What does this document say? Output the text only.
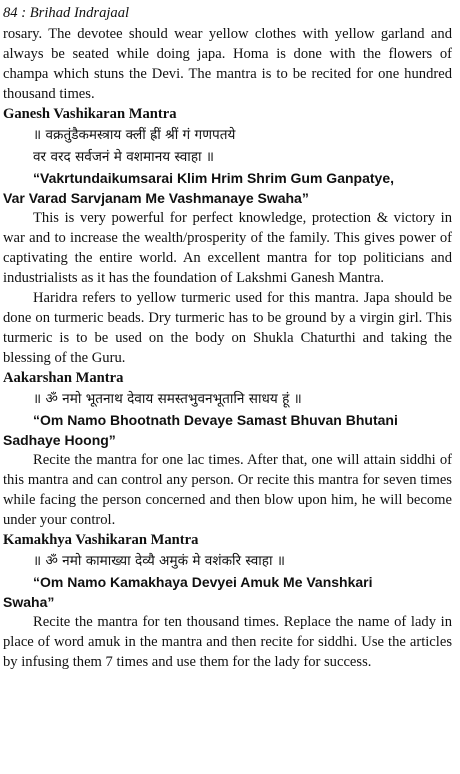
84 : Brihad Indrajaal

rosary. The devotee should wear yellow clothes with yellow garland and always be seated while doing japa. Homa is done with the flowers of champa which stuns the Devi. The mantra is to be recited for one hundred thousand times.

Ganesh Vashikaran Mantra
॥ वक्रतुंडैकमस्त्राय क्लीं ह्रीं श्रीं गं गणपतये
वर वरद सर्वजनं मे वशमानय स्वाहा ॥
“Vakrtundaikumsarai Klim Hrim Shrim Gum Ganpatye,
Var Varad Sarvjanam Me Vashmanaye Swaha”

This is very powerful for perfect knowledge, protection & victory in war and to increase the wealth/prosperity of the family. This gives power of captivating the entire world. An excellent mantra for top politicians and industrialists as it has the foundation of Lakshmi Ganesh Mantra.

Haridra refers to yellow turmeric used for this mantra. Japa should be done on turmeric beads. Dry turmeric has to be ground by a virgin girl. This turmeric is to be used on the body on Shukla Chaturthi and taking the blessing of the Guru.

Aakarshan Mantra
॥ ॐ नमो भूतनाथ देवाय समस्तभुवनभूतानि साधय हूं ॥
“Om Namo Bhootnath Devaye Samast Bhuvan Bhutani
Sadhaye Hoong”

Recite the mantra for one lac times. After that, one will attain siddhi of this mantra and can control any person. Or recite this mantra for seven times while facing the person concerned and then blow upon him, he will become under your control.

Kamakhya Vashikaran Mantra
॥ ॐ नमो कामाख्या देव्यै अमुकं मे वशंकरि स्वाहा ॥
“Om Namo Kamakhaya Devyei Amuk Me Vanshkari
Swaha”

Recite the mantra for ten thousand times. Replace the name of lady in place of word amuk in the mantra and then recite for siddhi. Use the articles by infusing them 7 times and use them for the lady for success.
